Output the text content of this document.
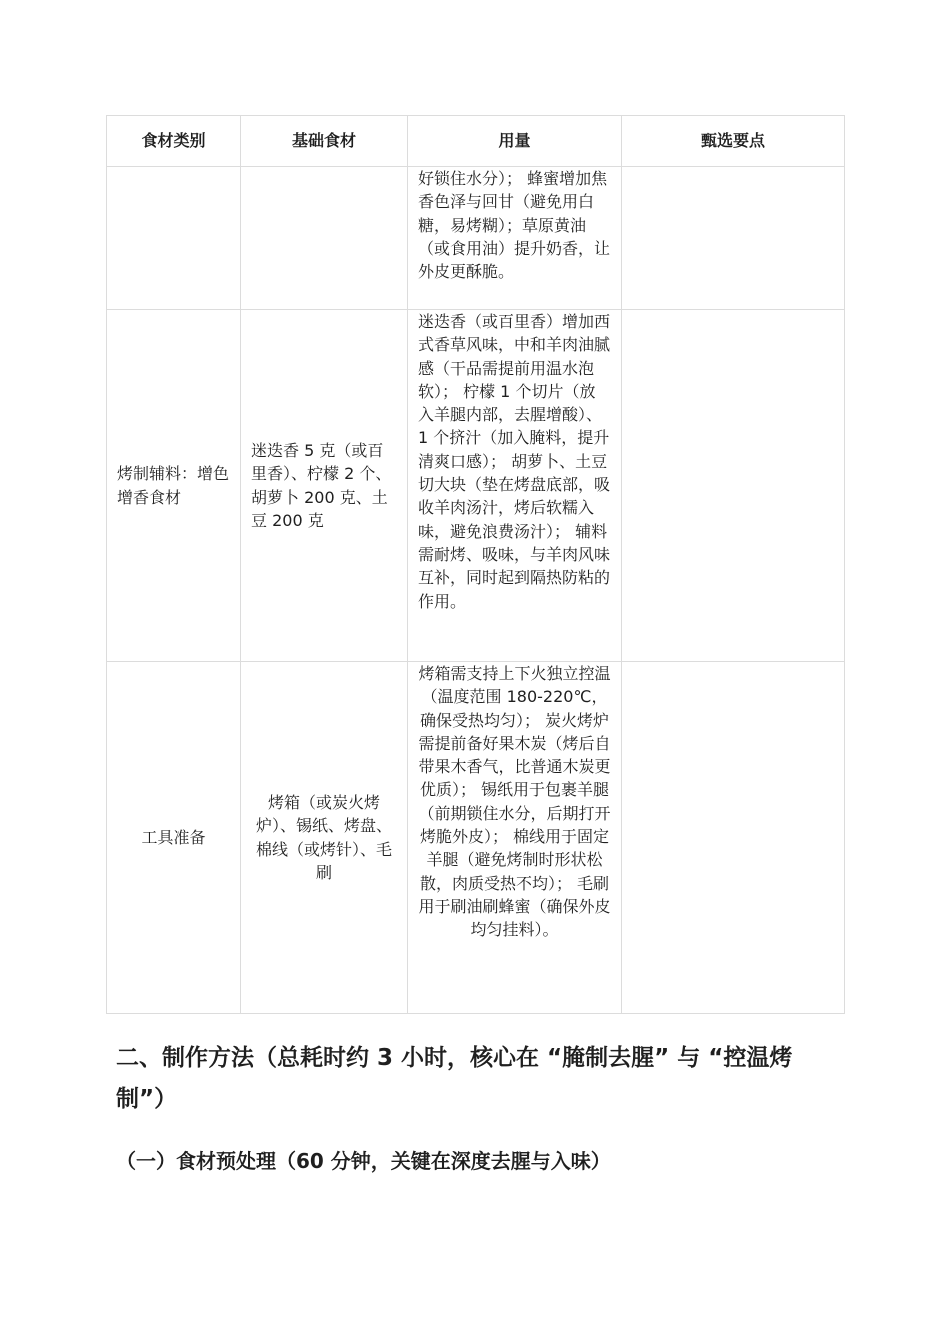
食材类别	基础食材	用量	甄选要点
		好锁住水分）； 蜂蜜增加焦香色泽与回甘（避免用白糖，易烤糊）；草原黄油（或食用油）提升奶香，让外皮更酥脆。	
烤制辅料：增色增香食材	迷迭香 5 克（或百里香）、柠檬 2 个、胡萝卜 200 克、土豆 200 克	迷迭香（或百里香）增加西式香草风味，中和羊肉油腻感（干品需提前用温水泡软）； 柠檬 1 个切片（放入羊腿内部，去腥增酸）、1 个挤汁（加入腌料，提升清爽口感）； 胡萝卜、土豆切大块（垫在烤盘底部，吸收羊肉汤汁，烤后软糯入味，避免浪费汤汁）； 辅料需耐烤、吸味，与羊肉风味互补，同时起到隔热防粘的作用。	
工具准备	烤箱（或炭火烤炉）、锡纸、烤盘、棉线（或烤针）、毛刷	烤箱需支持上下火独立控温（温度范围 180-220℃，确保受热均匀）； 炭火烤炉需提前备好果木炭（烤后自带果木香气，比普通木炭更优质）； 锡纸用于包裹羊腿（前期锁住水分，后期打开烤脆外皮）； 棉线用于固定羊腿（避免烤制时形状松散，肉质受热不均）； 毛刷用于刷油刷蜂蜜（确保外皮均匀挂料）。	
二、制作方法（总耗时约 3 小时，核心在 “腌制去腥” 与 “控温烤制”）
（一）食材预处理（60 分钟，关键在深度去腥与入味）
